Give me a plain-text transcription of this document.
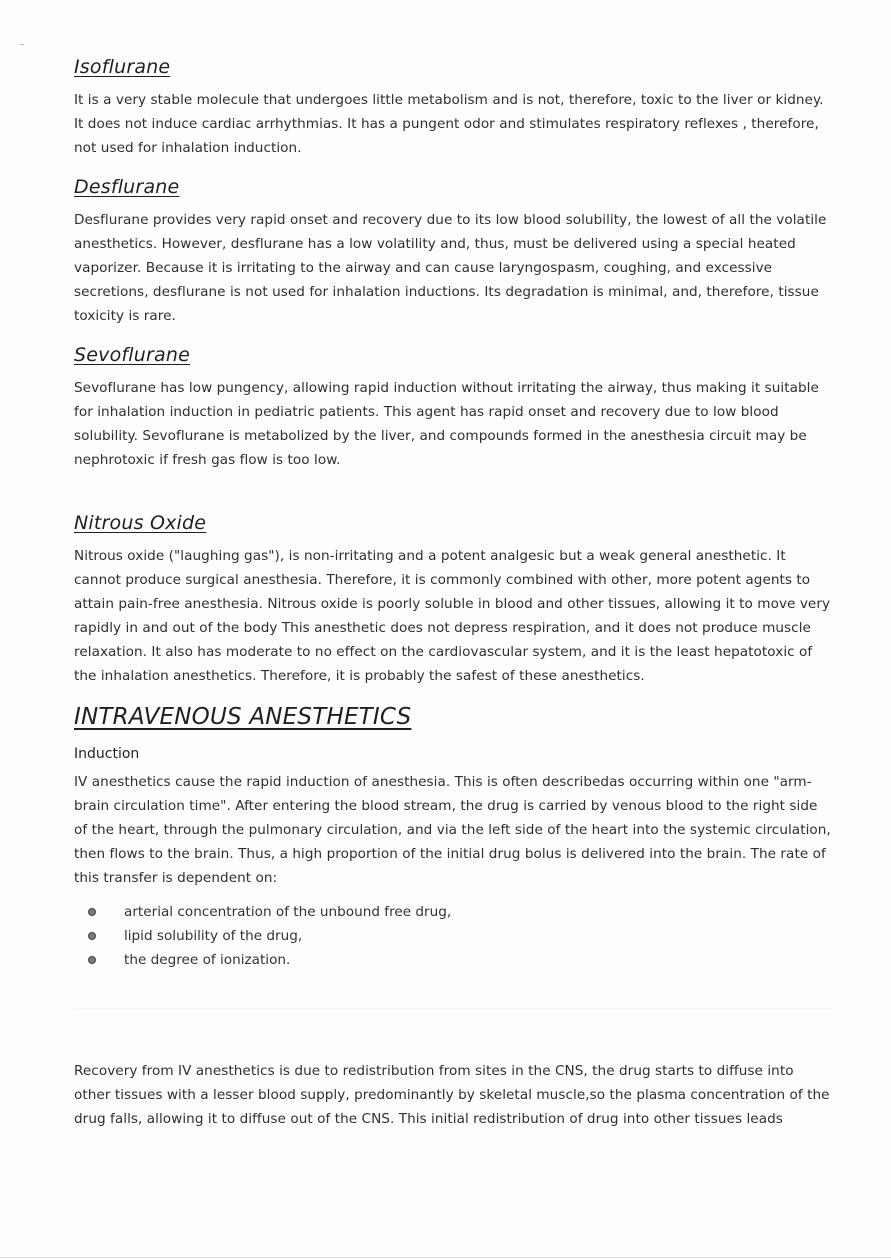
Isoflurane

It is a very stable molecule that undergoes little metabolism and is not, therefore, toxic to the liver or kidney. It does not induce cardiac arrhythmias. It has a pungent odor and stimulates respiratory reflexes , therefore, not used for inhalation induction.

Desflurane

Desflurane provides very rapid onset and recovery due to its low blood solubility, the lowest of all the volatile anesthetics. However, desflurane has a low volatility and, thus, must be delivered using a special heated vaporizer. Because it is irritating to the airway and can cause laryngospasm, coughing, and excessive secretions, desflurane is not used for inhalation inductions. Its degradation is minimal, and, therefore, tissue toxicity is rare.

Sevoflurane

Sevoflurane has low pungency, allowing rapid induction without irritating the airway, thus making it suitable for inhalation induction in pediatric patients. This agent has rapid onset and recovery due to low blood solubility. Sevoflurane is metabolized by the liver, and compounds formed in the anesthesia circuit may be nephrotoxic if fresh gas flow is too low.

Nitrous Oxide

Nitrous oxide ("laughing gas"), is non-irritating and a potent analgesic but a weak general anesthetic. It cannot produce surgical anesthesia. Therefore, it is commonly combined with other, more potent agents to attain pain-free anesthesia. Nitrous oxide is poorly soluble in blood and other tissues, allowing it to move very rapidly in and out of the body This anesthetic does not depress respiration, and it does not produce muscle relaxation. It also has moderate to no effect on the cardiovascular system, and it is the least hepatotoxic of the inhalation anesthetics. Therefore, it is probably the safest of these anesthetics.

INTRAVENOUS ANESTHETICS
Induction

IV anesthetics cause the rapid induction of anesthesia. This is often describedas occurring within one "arm-brain circulation time". After entering the blood stream, the drug is carried by venous blood to the right side of the heart, through the pulmonary circulation, and via the left side of the heart into the systemic circulation, then flows to the brain. Thus, a high proportion of the initial drug bolus is delivered into the brain. The rate of this transfer is dependent on:

arterial concentration of the unbound free drug,
lipid solubility of the drug,
the degree of ionization.

Recovery from IV anesthetics is due to redistribution from sites in the CNS, the drug starts to diffuse into other tissues with a lesser blood supply, predominantly by skeletal muscle,so the plasma concentration of the drug falls, allowing it to diffuse out of the CNS. This initial redistribution of drug into other tissues leads
